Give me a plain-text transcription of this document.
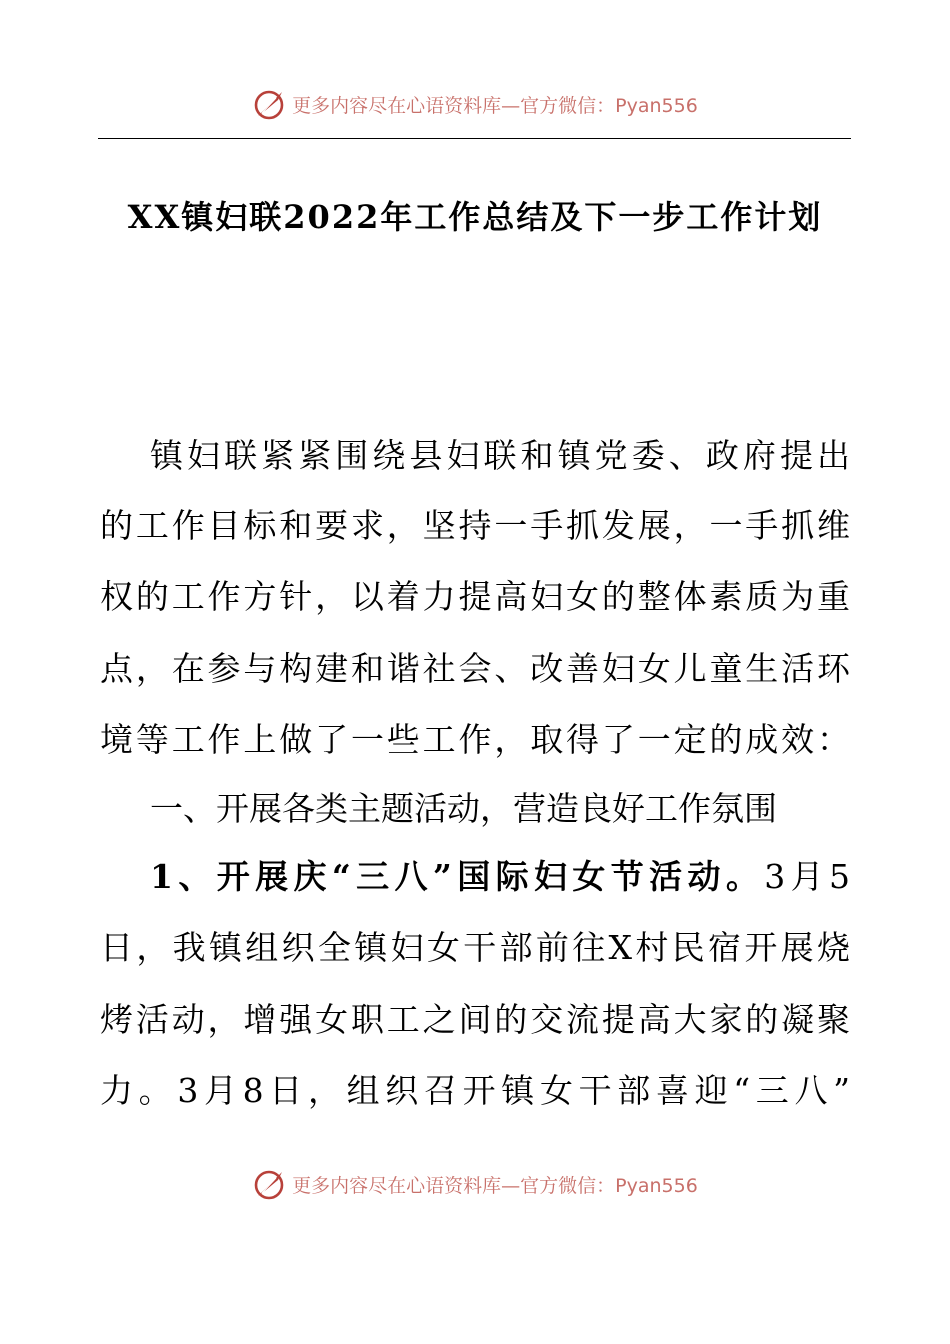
更多内容尽在心语资料库—官方微信：Pyan556
XX镇妇联2022年工作总结及下一步工作计划
镇妇联紧紧围绕县妇联和镇党委、政府提出
的工作目标和要求，坚持一手抓发展，一手抓维
权的工作方针，以着力提高妇女的整体素质为重
点，在参与构建和谐社会、改善妇女儿童生活环
境等工作上做了一些工作，取得了一定的成效：
一、开展各类主题活动，营造良好工作氛围
1、开展庆“三八”国际妇女节活动。3月5
日，我镇组织全镇妇女干部前往X村民宿开展烧
烤活动，增强女职工之间的交流提高大家的凝聚
力。3月8日，组织召开镇女干部喜迎“三八”
更多内容尽在心语资料库—官方微信：Pyan556
